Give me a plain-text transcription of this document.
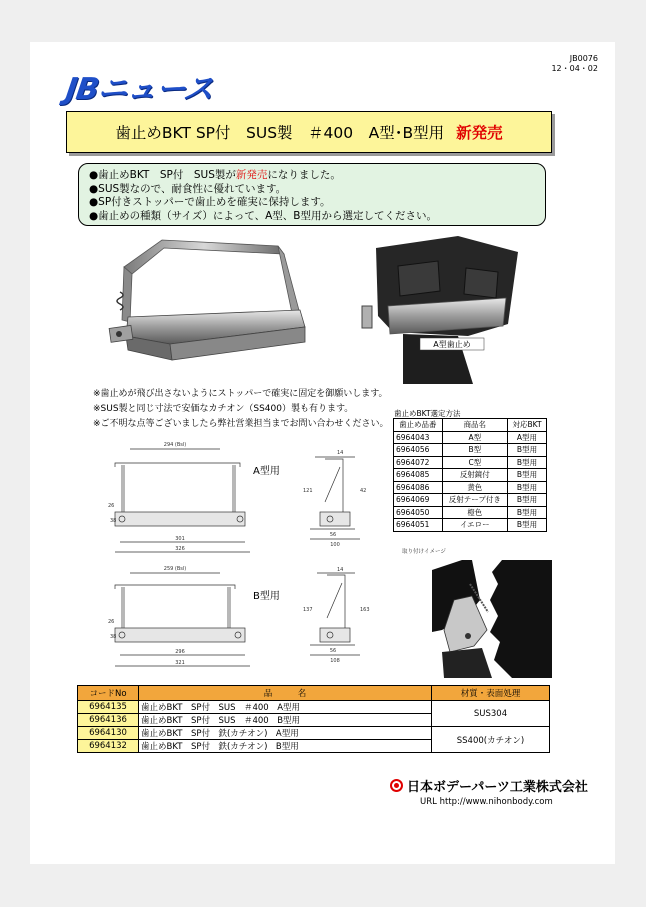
JB0076
12・04・02
JBニュース
歯止めBKT SP付　SUS製　＃400　A型･B型用 新発売
●歯止めBKT　SP付　SUS製が新発売になりました。
●SUS製なので、耐食性に優れています。
●SP付きストッパーで歯止めを確実に保持します。
●歯止めの種類（サイズ）によって、A型、B型用から選定してください。
A型歯止め
※歯止めが飛び出さないようにストッパーで確実に固定を御願いします。
※SUS製と同じ寸法で安価なカチオン（SS400）製も有ります。
※ご不明な点等ございましたら弊社営業担当までお問い合わせください。
歯止めBKT選定方法
歯止め品番	商品名	対応BKT
6964043	A型	A型用
6964056	B型	B型用
6964072	C型	B型用
6964085	反射鏡付	B型用
6964086	黄色	B型用
6964069	反射テープ付き	B型用
6964050	橙色	B型用
6964051	イエロー	B型用
取り付けイメージ
294 (Bsl)
301
326
38
26
14
56
100
121	42
A型用
259 (Bsl)
296
321
38
26
14
56
108
137	163
B型用
コードNo	品　　　名	材質・表面処理
6964135	歯止めBKT　SP付　SUS　＃400　A型用	SUS304
6964136	歯止めBKT　SP付　SUS　＃400　B型用	
6964130	歯止めBKT　SP付　鉄(カチオン)　A型用	SS400(カチオン)
6964132	歯止めBKT　SP付　鉄(カチオン)　B型用	
日本ボデーパーツ工業株式会社
URL http://www.nihonbody.com
